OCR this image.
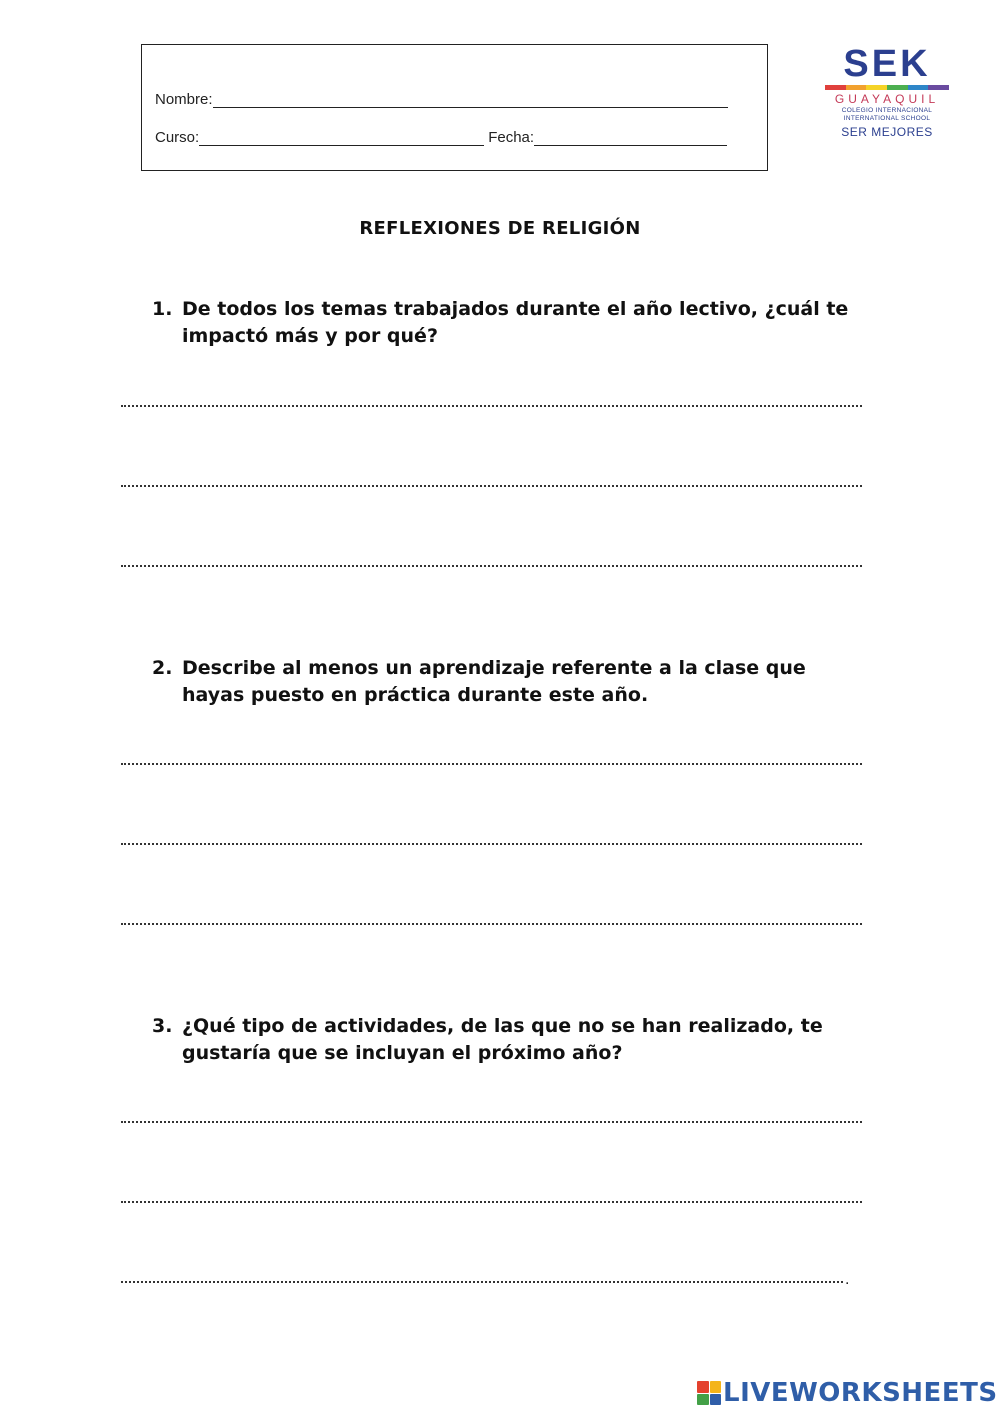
Nombre:
Curso:	Fecha:
SEK
GUAYAQUIL
COLEGIO INTERNACIONAL
INTERNATIONAL SCHOOL
SER MEJORES
REFLEXIONES DE RELIGIÓN
1. De todos los temas trabajados durante el año lectivo, ¿cuál te impactó más y por qué?
2. Describe al menos un aprendizaje referente a la clase que hayas puesto en práctica durante este año.
3. ¿Qué tipo de actividades, de las que no se han realizado, te gustaría que se incluyan el próximo año?
.
LIVEWORKSHEETS
